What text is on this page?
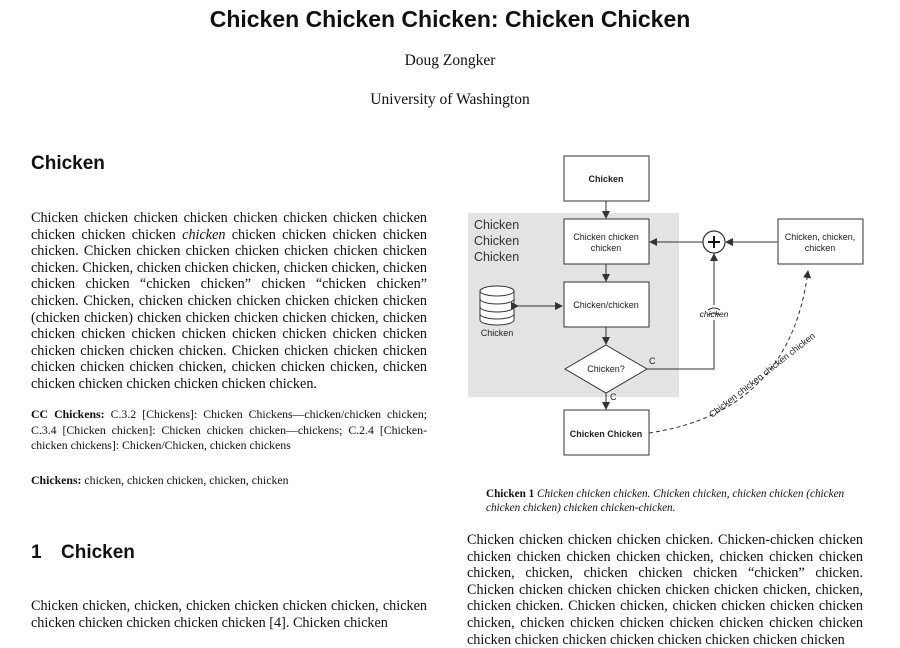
Chicken Chicken Chicken: Chicken Chicken
Doug Zongker
University of Washington
Chicken
Chicken chicken chicken chicken chicken chicken chicken chicken chicken chicken chicken chicken chicken chicken chicken chicken chicken. Chicken chicken chicken chicken chicken chicken chicken chicken. Chicken, chicken chicken chicken, chicken chicken, chicken chicken chicken “chicken chicken” chicken “chicken chicken” chicken. Chicken, chicken chicken chicken chicken chicken chicken (chicken chicken) chicken chicken chicken chicken chicken, chicken chicken chicken chicken chicken chicken chicken chicken chicken chicken chicken chicken chicken. Chicken chicken chicken chicken chicken chicken chicken chicken, chicken chicken chicken, chicken chicken chicken chicken chicken chicken chicken.
CC Chickens: C.3.2 [Chickens]: Chicken Chickens—chicken/chicken chicken; C.3.4 [Chicken chicken]: Chicken chicken chicken—chickens; C.2.4 [Chicken-chicken chickens]: Chicken/Chicken, chicken chickens
Chickens: chicken, chicken chicken, chicken, chicken
1 Chicken
Chicken chicken, chicken, chicken chicken chicken chicken, chicken chicken chicken chicken chicken chicken [4]. Chicken chicken
Chicken chicken chicken chicken chicken. Chicken-chicken chicken chicken chicken chicken chicken chicken, chicken chicken chicken chicken, chicken, chicken chicken chicken “chicken” chicken. Chicken chicken chicken chicken chicken chicken chicken, chicken, chicken chicken. Chicken chicken, chicken chicken chicken chicken chicken, chicken chicken chicken chicken chicken chicken chicken chicken chicken chicken chicken chicken chicken chicken chicken
Chicken
Chicken
Chicken
Chicken
Chicken chicken
chicken
Chicken/chicken
Chicken?
C
Chicken Chicken
C
chicken
Chicken, chicken,
chicken
Chicken	Chicken chicken chicken chicken
Chicken 1 Chicken chicken chicken. Chicken chicken, chicken chicken (chicken chicken chicken) chicken chicken-chicken.
